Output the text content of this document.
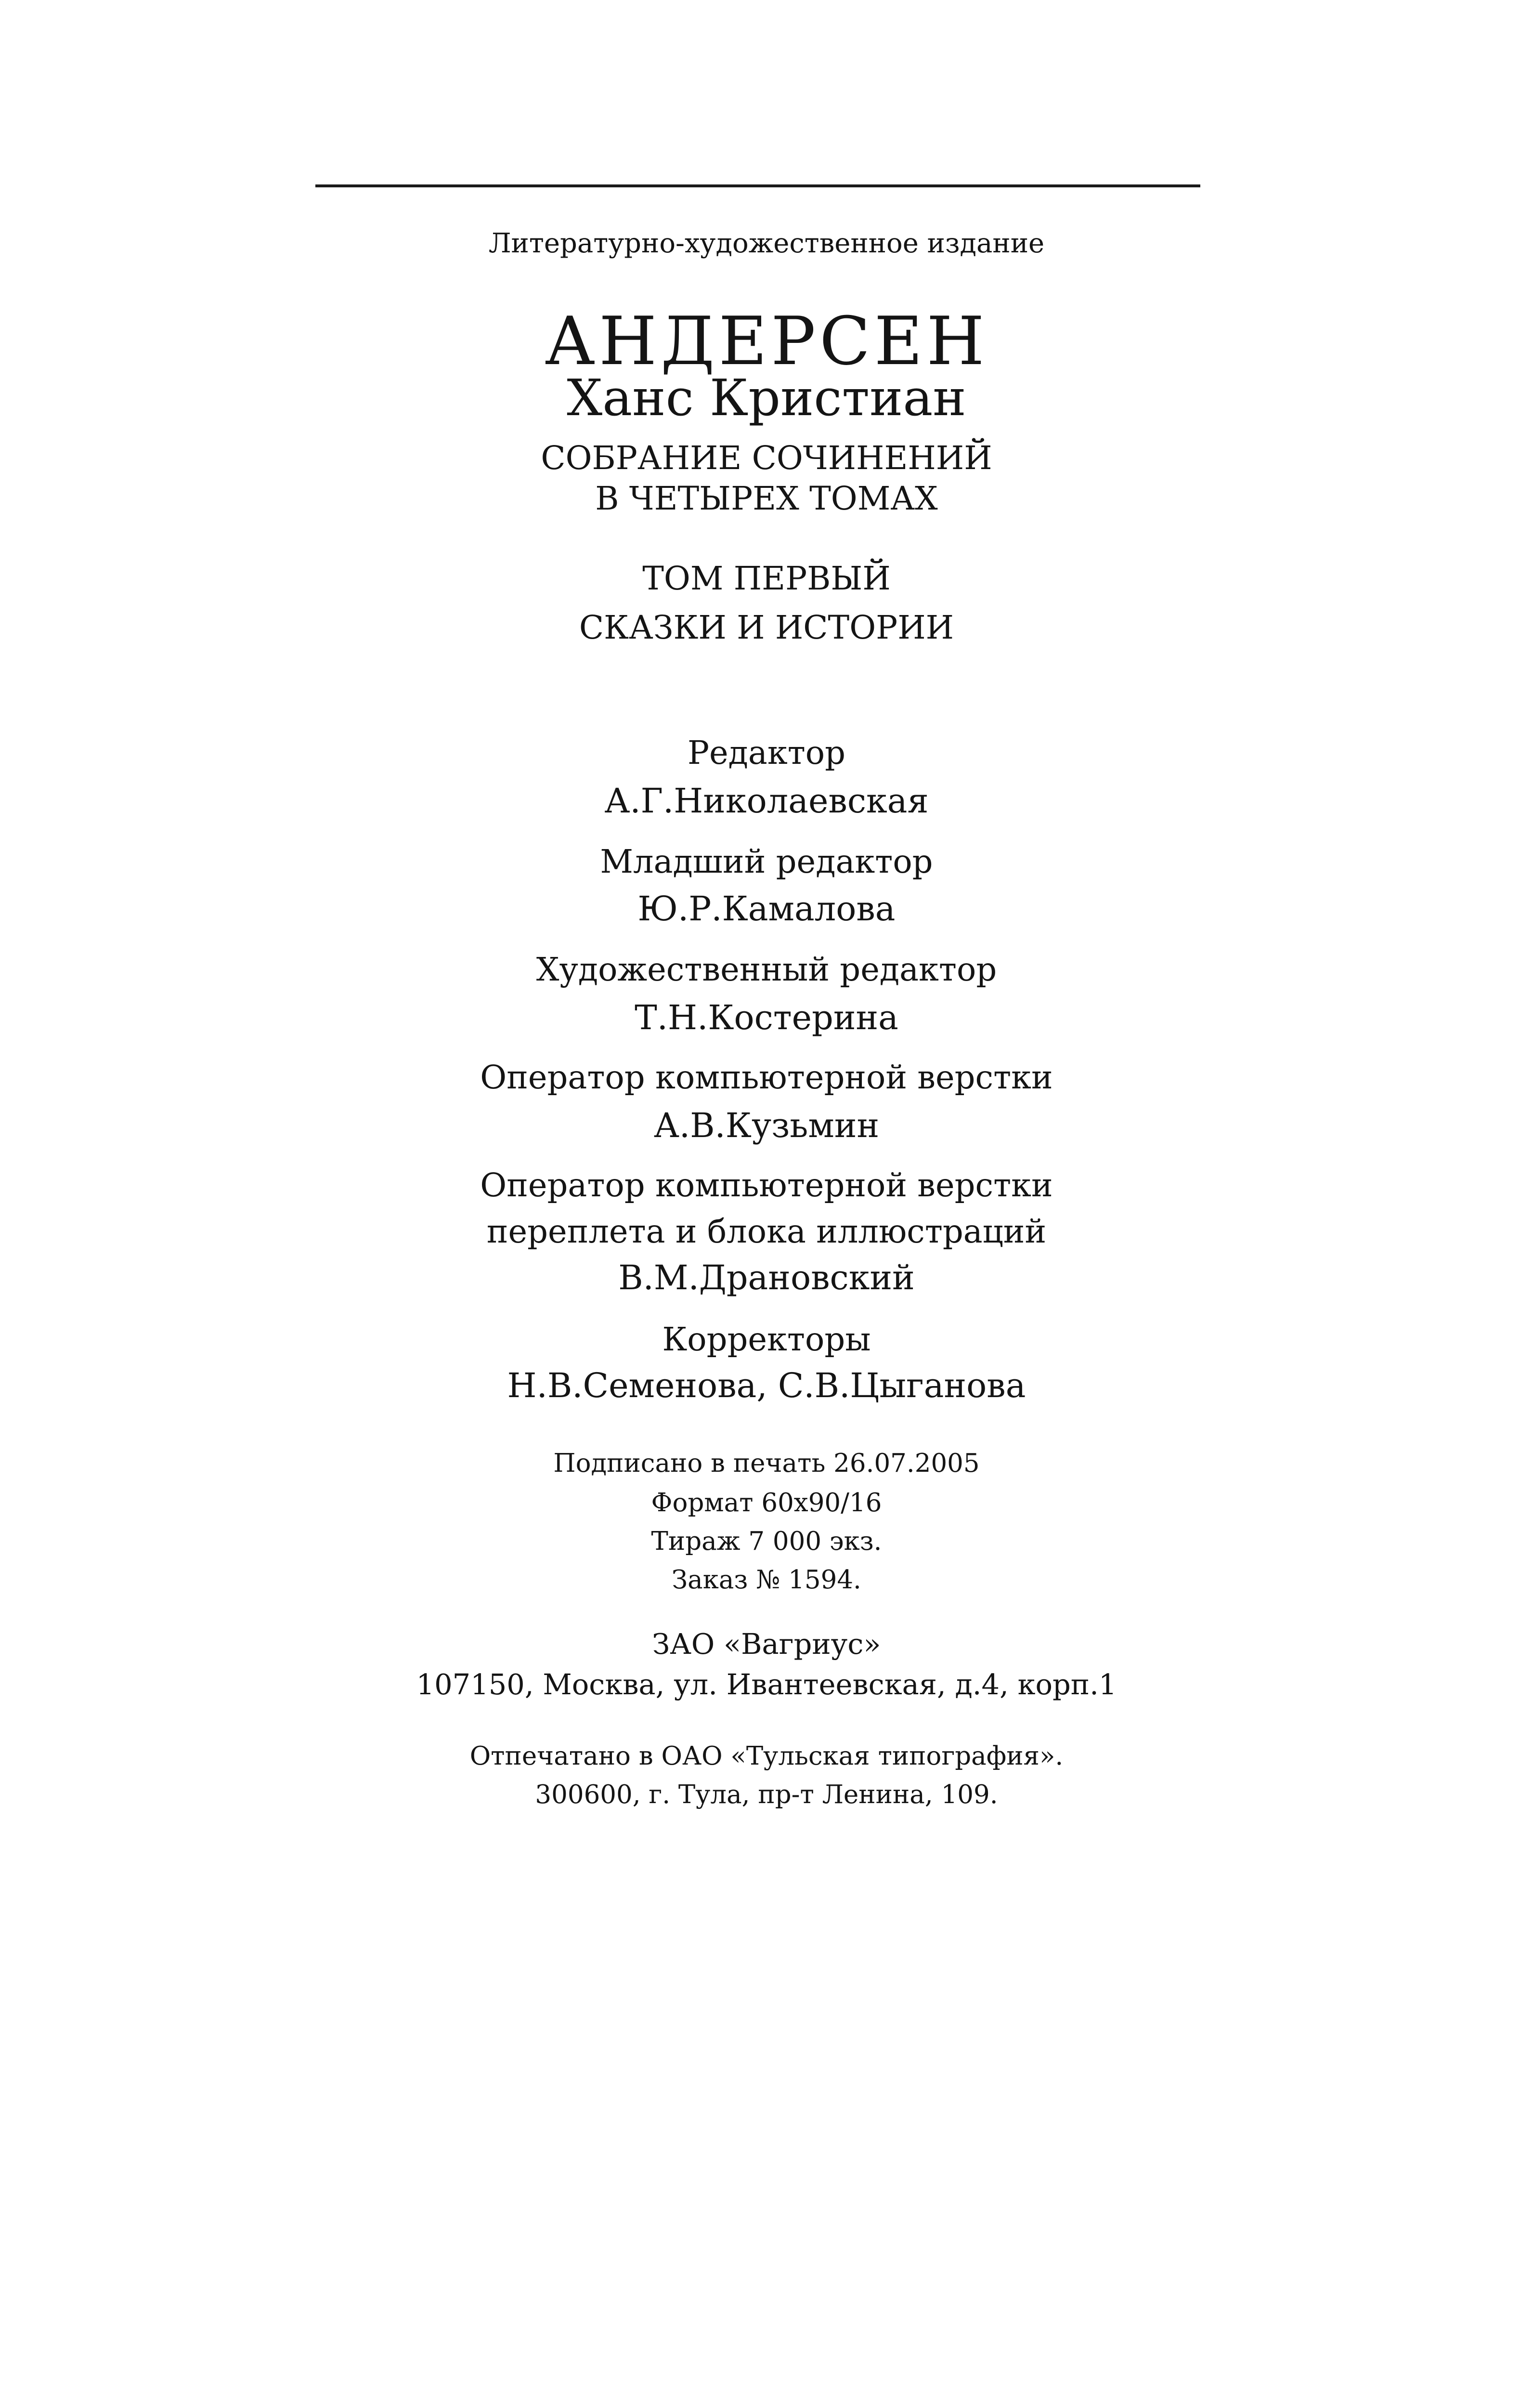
Литературно-художественное издание
АНДЕРСЕН
Ханс Кристиан
СОБРАНИЕ СОЧИНЕНИЙ
В ЧЕТЫРЕХ ТОМАХ
ТОМ ПЕРВЫЙ
СКАЗКИ И ИСТОРИИ
Редактор
А.Г.Николаевская
Младший редактор
Ю.Р.Камалова
Художественный редактор
Т.Н.Костерина
Оператор компьютерной верстки
А.В.Кузьмин
Оператор компьютерной верстки
переплета и блока иллюстраций
В.М.Драновский
Корректоры
Н.В.Семенова, С.В.Цыганова
Подписано в печать 26.07.2005
Формат 60х90/16
Тираж 7 000 экз.
Заказ № 1594.
ЗАО «Вагриус»
107150, Москва, ул. Ивантеевская, д.4, корп.1
Отпечатано в ОАО «Тульская типография».
300600, г. Тула, пр-т Ленина, 109.
